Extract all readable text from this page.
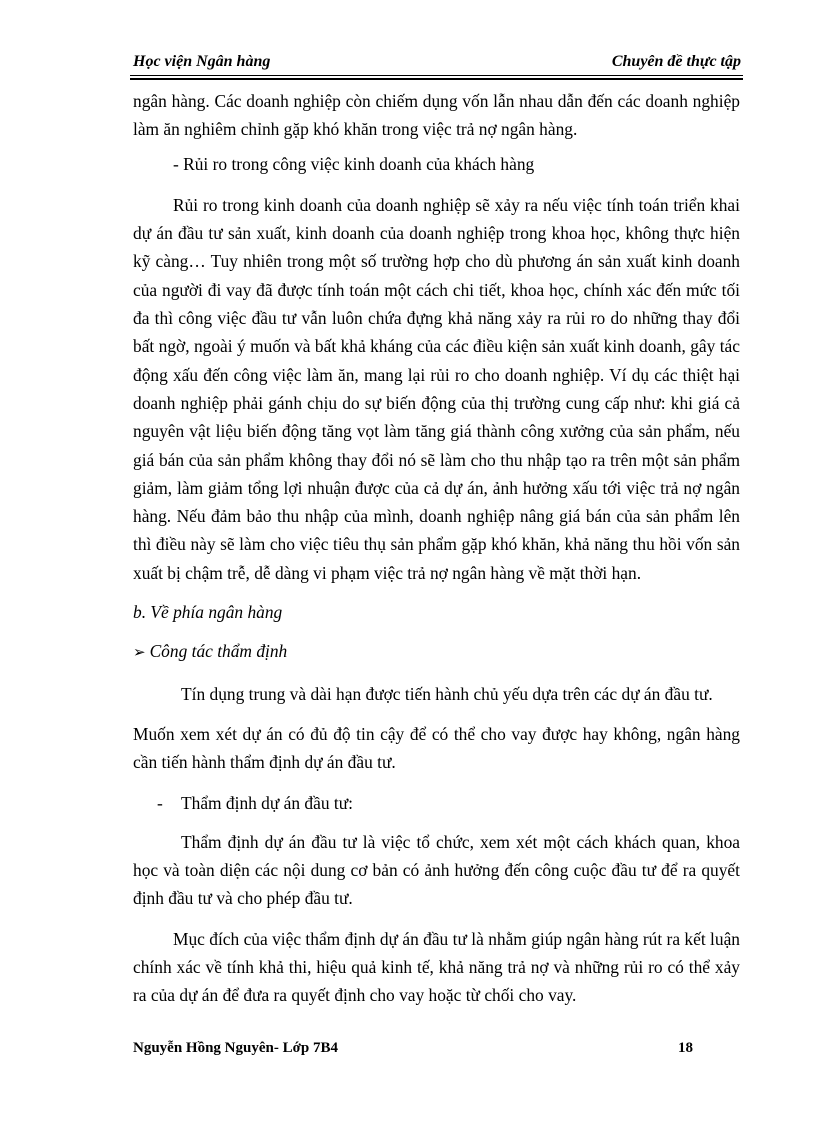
Học viện Ngân hàng	Chuyên đề thực tập

ngân hàng. Các doanh nghiệp còn chiếm dụng vốn lẫn nhau dẫn đến các doanh nghiệp làm ăn nghiêm chỉnh gặp khó khăn trong việc trả nợ ngân hàng.

- Rủi ro trong công việc kinh doanh của khách hàng

Rủi ro trong kinh doanh của doanh nghiệp sẽ xảy ra nếu việc tính toán triển khai dự án đầu tư sản xuất, kinh doanh của doanh nghiệp trong khoa học, không thực hiện kỹ càng… Tuy nhiên trong một số trường hợp cho dù phương án sản xuất kinh doanh của người đi vay đã được tính toán một cách chi tiết, khoa học, chính xác đến mức tối đa thì công việc đầu tư vẫn luôn chứa đựng khả năng xảy ra rủi ro do những thay đổi bất ngờ, ngoài ý muốn và bất khả kháng của các điều kiện sản xuất kinh doanh, gây tác động xấu đến công việc làm ăn, mang lại rủi ro cho doanh nghiệp. Ví dụ các thiệt hại doanh nghiệp phải gánh chịu do sự biến động của thị trường cung cấp như: khi giá cả nguyên vật liệu biến động tăng vọt làm tăng giá thành công xưởng của sản phẩm, nếu giá bán của sản phẩm không thay đổi nó sẽ làm cho thu nhập tạo ra trên một sản phẩm giảm, làm giảm tổng lợi nhuận được của cả dự án, ảnh hưởng xấu tới việc trả nợ ngân hàng. Nếu đảm bảo thu nhập của mình, doanh nghiệp nâng giá bán của sản phẩm lên thì điều này sẽ làm cho việc tiêu thụ sản phẩm gặp khó khăn, khả năng thu hồi vốn sản xuất bị chậm trễ, dễ dàng vi phạm việc trả nợ ngân hàng về mặt thời hạn.

b. Về phía ngân hàng

➢ Công tác thẩm định

Tín dụng trung và dài hạn được tiến hành chủ yếu dựa trên các dự án đầu tư.

Muốn xem xét dự án có đủ độ tin cậy để có thể cho vay được hay không, ngân hàng cần tiến hành thẩm định dự án đầu tư.

- Thẩm định dự án đầu tư:

Thẩm định dự án đầu tư là việc tổ chức, xem xét một cách khách quan, khoa học và toàn diện các nội dung cơ bản có ảnh hưởng đến công cuộc đầu tư để ra quyết định đầu tư và cho phép đầu tư.

Mục đích của việc thẩm định dự án đầu tư là nhằm giúp ngân hàng rút ra kết luận chính xác về tính khả thi, hiệu quả kinh tế, khả năng trả nợ và những rủi ro có thể xảy ra của dự án để đưa ra quyết định cho vay hoặc từ chối cho vay.

Nguyễn Hồng Nguyên- Lớp 7B4	18
